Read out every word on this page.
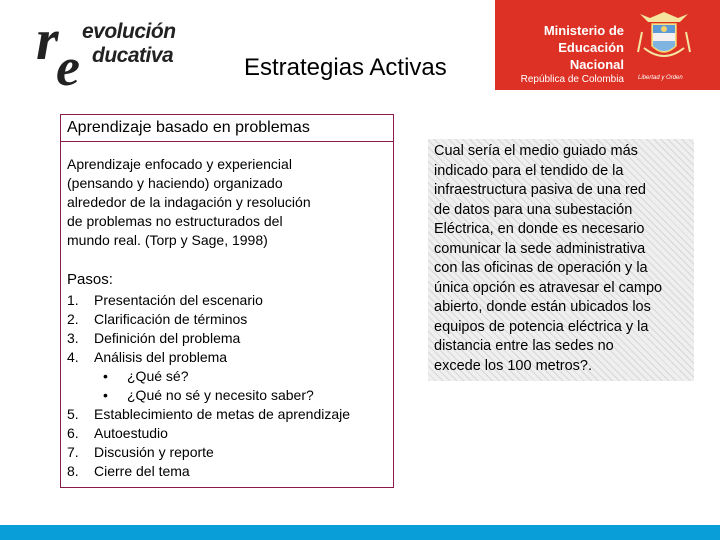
r evolución
e ducativa	Estrategias Activas
Ministerio de
Educación Nacional
República de Colombia Libertad y Orden
Aprendizaje basado en problemas
Aprendizaje enfocado y experiencial
(pensando y haciendo) organizado
alrededor de la indagación y resolución
de problemas no estructurados del
mundo real. (Torp y Sage, 1998)
Pasos:
1.	Presentación del escenario
2.	Clarificación de términos
3.	Definición del problema
4.	Análisis del problema
•	¿Qué sé?
•	¿Qué no sé y necesito saber?
5.	Establecimiento de metas de aprendizaje
6.	Autoestudio
7.	Discusión y reporte
8.	Cierre del tema
Cual sería el medio guiado más
indicado para el tendido de la
infraestructura pasiva de una red
de datos para una subestación
Eléctrica, en donde es necesario
comunicar la sede administrativa
con las oficinas de operación y la
única opción es atravesar el campo
abierto, donde están ubicados los
equipos de potencia eléctrica y la
distancia entre las sedes no
excede los 100 metros?.
